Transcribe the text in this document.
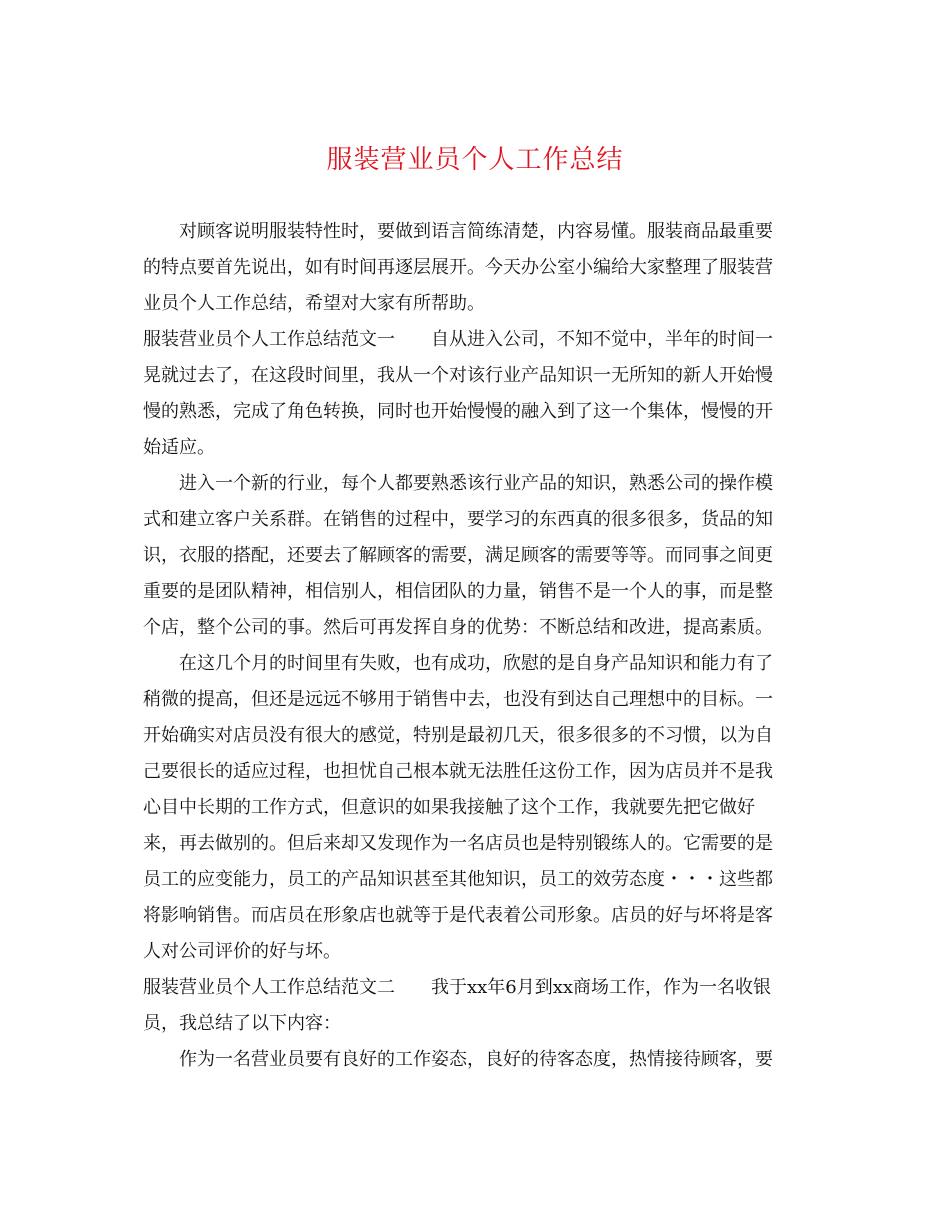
服装营业员个人工作总结
对顾客说明服装特性时，要做到语言简练清楚，内容易懂。服装商品最重要
的特点要首先说出，如有时间再逐层展开。今天办公室小编给大家整理了服装营
业员个人工作总结，希望对大家有所帮助。
服装营业员个人工作总结范文一　　自从进入公司，不知不觉中，半年的时间一
晃就过去了，在这段时间里，我从一个对该行业产品知识一无所知的新人开始慢
慢的熟悉，完成了角色转换，同时也开始慢慢的融入到了这一个集体，慢慢的开
始适应。
进入一个新的行业，每个人都要熟悉该行业产品的知识，熟悉公司的操作模
式和建立客户关系群。在销售的过程中，要学习的东西真的很多很多，货品的知
识，衣服的搭配，还要去了解顾客的需要，满足顾客的需要等等。而同事之间更
重要的是团队精神，相信别人，相信团队的力量，销售不是一个人的事，而是整
个店，整个公司的事。然后可再发挥自身的优势：不断总结和改进，提高素质。
在这几个月的时间里有失败，也有成功，欣慰的是自身产品知识和能力有了
稍微的提高，但还是远远不够用于销售中去，也没有到达自己理想中的目标。一
开始确实对店员没有很大的感觉，特别是最初几天，很多很多的不习惯，以为自
己要很长的适应过程，也担忧自己根本就无法胜任这份工作，因为店员并不是我
心目中长期的工作方式，但意识的如果我接触了这个工作，我就要先把它做好
来，再去做别的。但后来却又发现作为一名店员也是特别锻练人的。它需要的是
员工的应变能力，员工的产品知识甚至其他知识，员工的效劳态度・・・这些都
将影响销售。而店员在形象店也就等于是代表着公司形象。店员的好与坏将是客
人对公司评价的好与坏。
服装营业员个人工作总结范文二　　我于xx年6月到xx商场工作，作为一名收银
员，我总结了以下内容：
作为一名营业员要有良好的工作姿态，良好的待客态度，热情接待顾客，要
